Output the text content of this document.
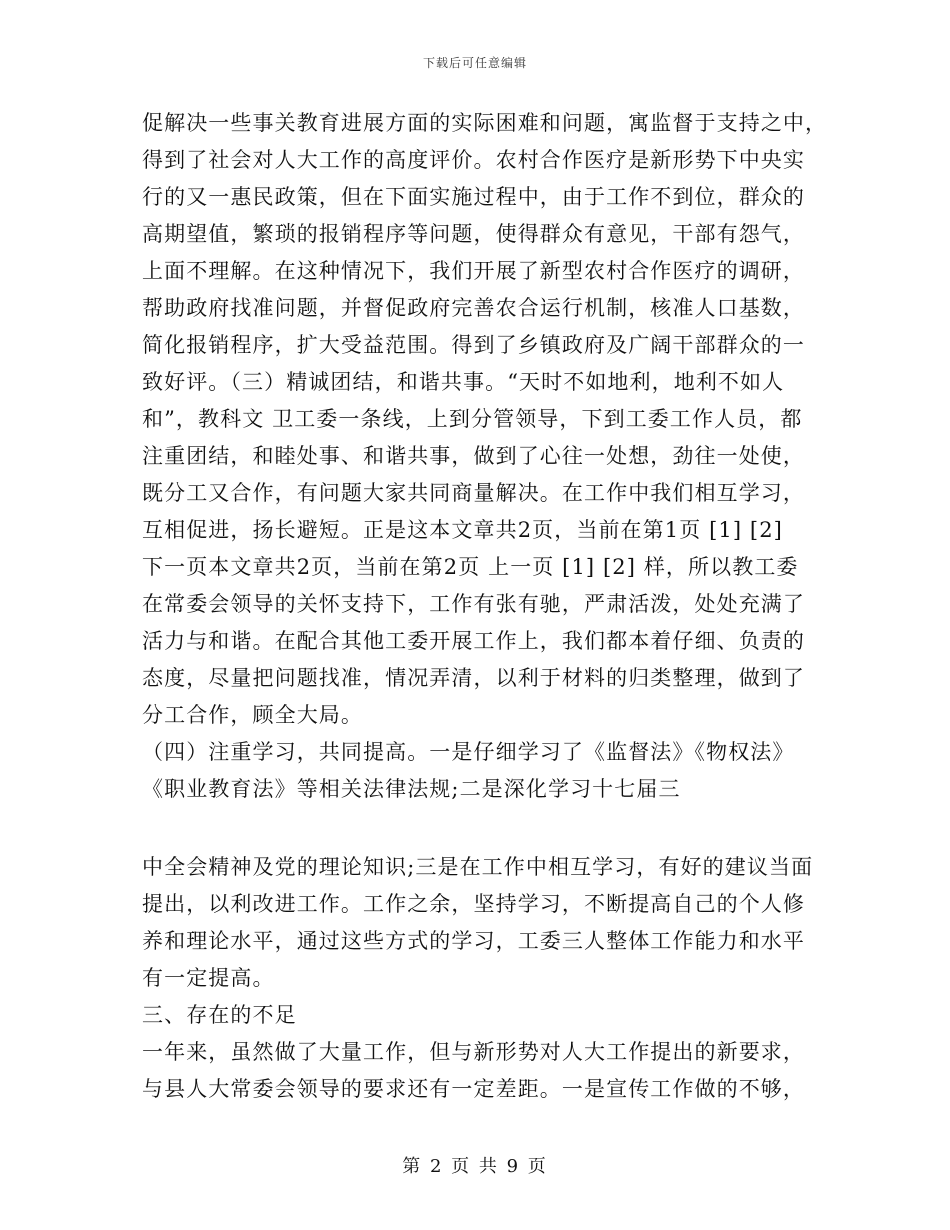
下载后可任意编辑
促解决一些事关教育进展方面的实际困难和问题，寓监督于支持之中，
得到了社会对人大工作的高度评价。农村合作医疗是新形势下中央实
行的又一惠民政策，但在下面实施过程中，由于工作不到位，群众的
高期望值，繁琐的报销程序等问题，使得群众有意见，干部有怨气，
上面不理解。在这种情况下，我们开展了新型农村合作医疗的调研，
帮助政府找准问题，并督促政府完善农合运行机制，核准人口基数，
简化报销程序，扩大受益范围。得到了乡镇政府及广阔干部群众的一
致好评。（三）精诚团结，和谐共事。“天时不如地利，地利不如人
和”，教科文 卫工委一条线，上到分管领导，下到工委工作人员，都
注重团结，和睦处事、和谐共事，做到了心往一处想，劲往一处使，
既分工又合作，有问题大家共同商量解决。在工作中我们相互学习，
互相促进，扬长避短。正是这本文章共2页，当前在第1页 [1] [2]
下一页本文章共2页，当前在第2页 上一页 [1] [2] 样，所以教工委
在常委会领导的关怀支持下，工作有张有驰，严肃活泼，处处充满了
活力与和谐。在配合其他工委开展工作上，我们都本着仔细、负责的
态度，尽量把问题找准，情况弄清，以利于材料的归类整理，做到了
分工合作，顾全大局。
（四）注重学习，共同提高。一是仔细学习了《监督法》《物权法》
《职业教育法》等相关法律法规;二是深化学习十七届三
中全会精神及党的理论知识;三是在工作中相互学习，有好的建议当面
提出，以利改进工作。工作之余，坚持学习，不断提高自己的个人修
养和理论水平，通过这些方式的学习，工委三人整体工作能力和水平
有一定提高。
三、存在的不足
一年来，虽然做了大量工作，但与新形势对人大工作提出的新要求，
与县人大常委会领导的要求还有一定差距。一是宣传工作做的不够，
第 2 页 共 9 页
